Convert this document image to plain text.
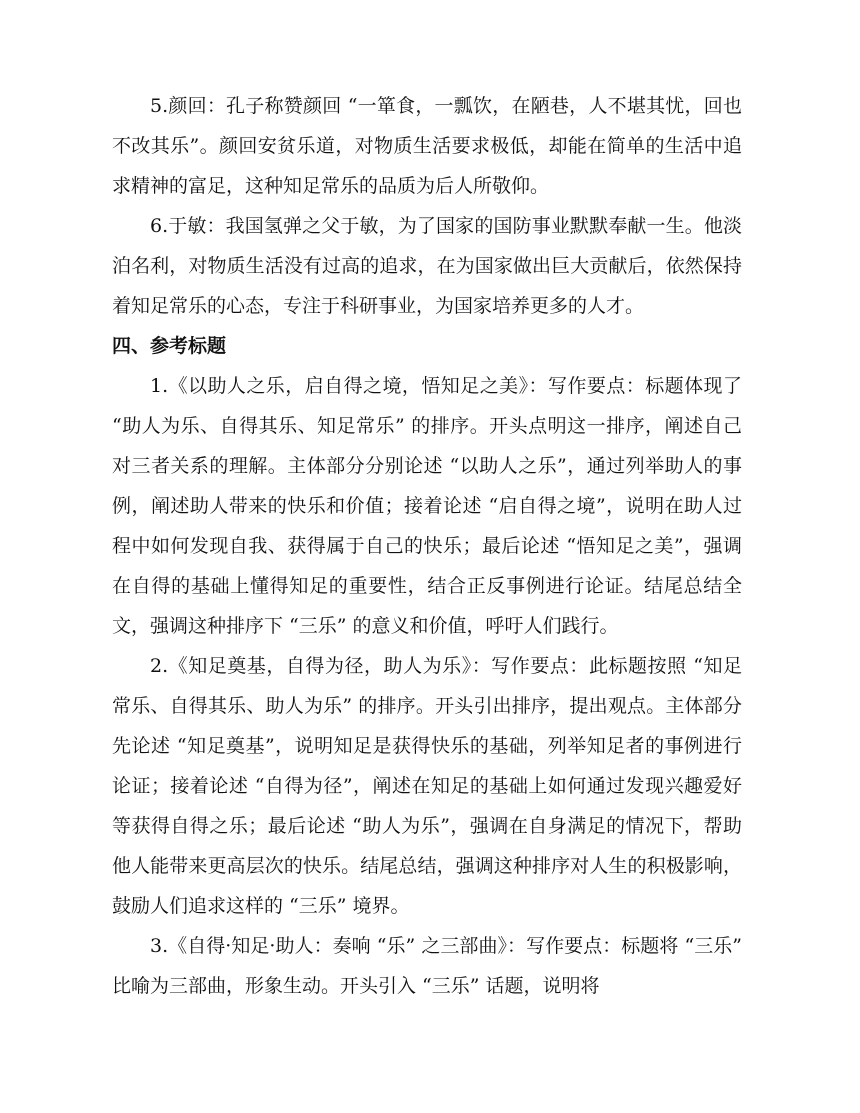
5.颜回：孔子称赞颜回 “一箪食，一瓢饮，在陋巷，人不堪其忧，回也不改其乐”。颜回安贫乐道，对物质生活要求极低，却能在简单的生活中追求精神的富足，这种知足常乐的品质为后人所敬仰。

6.于敏：我国氢弹之父于敏，为了国家的国防事业默默奉献一生。他淡泊名利，对物质生活没有过高的追求，在为国家做出巨大贡献后，依然保持着知足常乐的心态，专注于科研事业，为国家培养更多的人才。

四、参考标题

1.《以助人之乐，启自得之境，悟知足之美》：写作要点：标题体现了 “助人为乐、自得其乐、知足常乐” 的排序。开头点明这一排序，阐述自己对三者关系的理解。主体部分分别论述 “以助人之乐”，通过列举助人的事例，阐述助人带来的快乐和价值；接着论述 “启自得之境”，说明在助人过程中如何发现自我、获得属于自己的快乐；最后论述 “悟知足之美”，强调在自得的基础上懂得知足的重要性，结合正反事例进行论证。结尾总结全文，强调这种排序下 “三乐” 的意义和价值，呼吁人们践行。

2.《知足奠基，自得为径，助人为乐》：写作要点：此标题按照 “知足常乐、自得其乐、助人为乐” 的排序。开头引出排序，提出观点。主体部分先论述 “知足奠基”，说明知足是获得快乐的基础，列举知足者的事例进行论证；接着论述 “自得为径”，阐述在知足的基础上如何通过发现兴趣爱好等获得自得之乐；最后论述 “助人为乐”，强调在自身满足的情况下，帮助他人能带来更高层次的快乐。结尾总结，强调这种排序对人生的积极影响，鼓励人们追求这样的 “三乐” 境界。

3.《自得·知足·助人：奏响 “乐” 之三部曲》：写作要点：标题将 “三乐” 比喻为三部曲，形象生动。开头引入 “三乐” 话题，说明将
